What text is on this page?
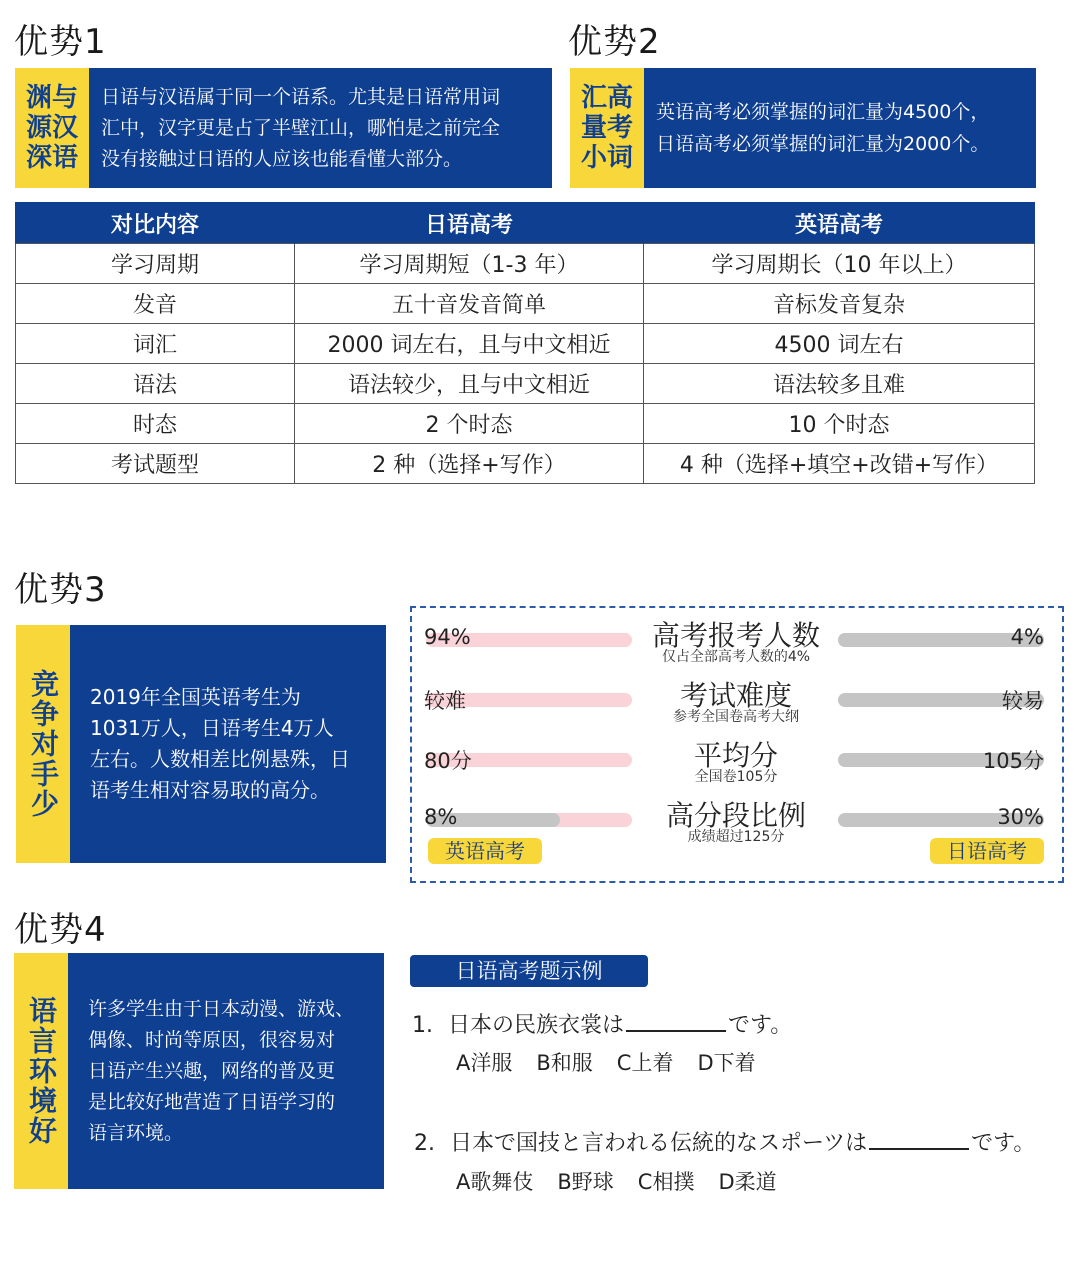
优势1
渊 与
源 汉
深 语
日语与汉语属于同一个语系。尤其是日语常用词
汇中，汉字更是占了半壁江山，哪怕是之前完全
没有接触过日语的人应该也能看懂大部分。
优势2
汇 高
量 考
小 词
英语高考必须掌握的词汇量为4500个，
日语高考必须掌握的词汇量为2000个。
对比内容	日语高考	英语高考
学习周期	学习周期短（1-3 年）	学习周期长（10 年以上）
发音	五十音发音简单	音标发音复杂
词汇	2000 词左右，且与中文相近	4500 词左右
语法	语法较少，且与中文相近	语法较多且难
时态	2 个时态	10 个时态
考试题型	2 种（选择+写作）	4 种（选择+填空+改错+写作）
优势3
竞争对手少 2019年全国英语考生为
1031万人，日语考生4万人
左右。人数相差比例悬殊，日
语考生相对容易取的高分。
英语高考	日语高考
94%	4%
高考报考人数
仅占全部高考人数的4%
较难	较易
考试难度
参考全国卷高考大纲
80分	105分
平均分
全国卷105分
8%	30%
高分段比例
成绩超过125分
优势4
语言环境好 许多学生由于日本动漫、游戏、
偶像、时尚等原因，很容易对
日语产生兴趣，网络的普及更
是比较好地营造了日语学习的
语言环境。
日语高考题示例
1. 日本の民族衣裳は	です。
A洋服 B和服 C上着 D下着
2. 日本で国技と言われる伝統的なスポーツは	です。
A歌舞伎 B野球 C相撲 D柔道
